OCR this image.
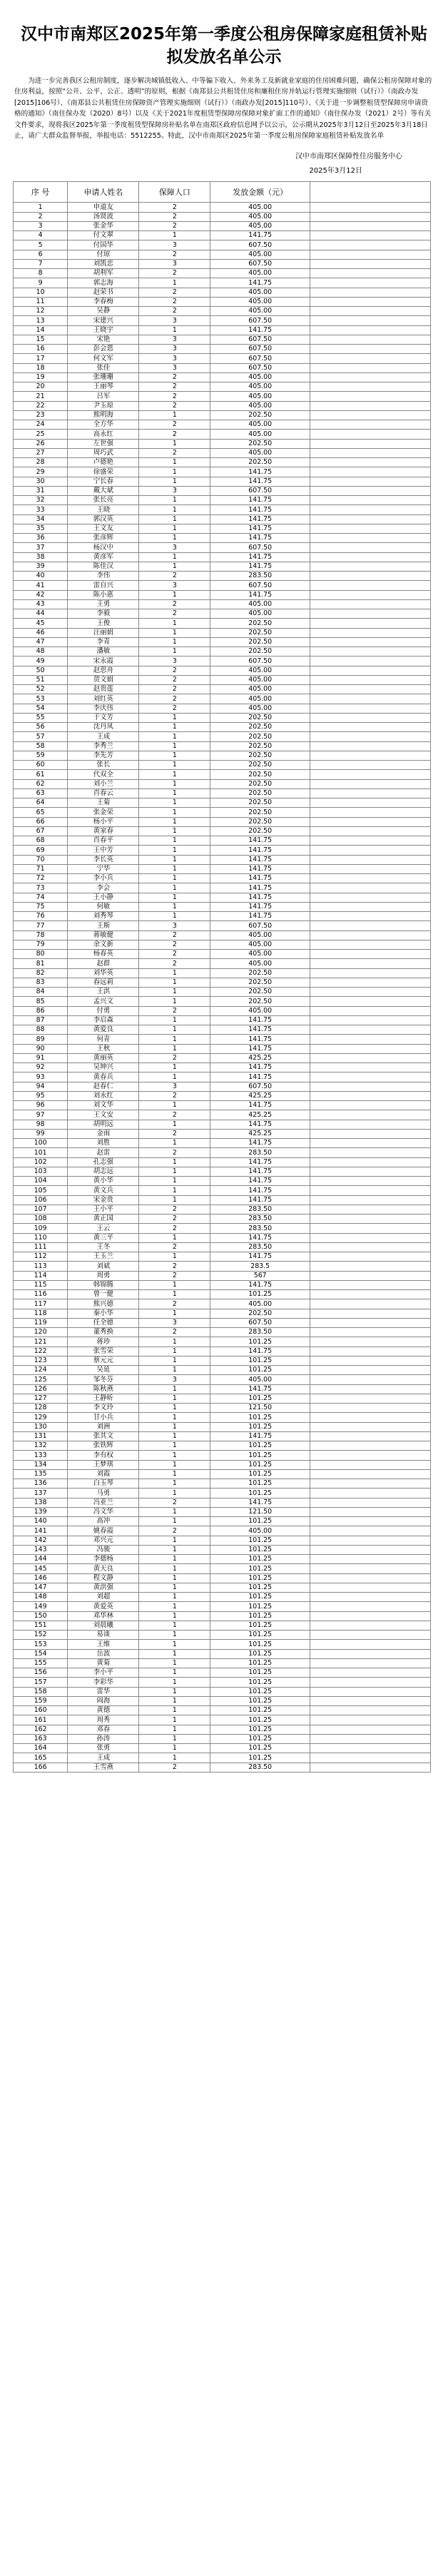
汉中市南郑区2025年第一季度公租房保障家庭租赁补贴拟发放名单公示
为进一步完善我区公租房制度，逐步解决城镇低收入、中等偏下收入、外来务工及新就业家庭的住房困难问题，确保公租房保障对象的住房利益，按照“公开、公平、公正、透明”的原则，根据《南郑县公共租赁住房和廉租住房并轨运行管理实施细则（试行）》（南政办发[2015]106号）、《南郑县公共租赁住房保障资产管理实施细则（试行）》（南政办发[2015]110号）、《关于进一步调整租赁型保障房申请资格的通知》（南住保办发（2020）8号）以及《关于2021年度租赁型保障房保障对象扩面工作的通知》（南住保办发（2021）2号）等有关文件要求，现将我区2025年第一季度租赁型保障房补贴名单在南郑区政府信息网予以公示，公示期从2025年3月12日至2025年3月18日止，请广大群众监督举报，举报电话：5512255。特此，汉中市南郑区2025年第一季度公租房保障家庭租赁补贴发放名单
汉中市南郑区保障性住房服务中心
2025年3月12日
序 号	申请人姓名	保障人口	发放金额（元）	
1	申道友	2	405.00	
2	汤贤波	2	405.00	
3	张金华	2	405.00	
4	付文翠	1	141.75	
5	付国华	3	607.50	
6	付琼	2	405.00	
7	刘凯忠	3	607.50	
8	胡利军	2	405.00	
9	郭志海	1	141.75	
10	赵荣书	2	405.00	
11	李春梅	2	405.00	
12	吴静	2	405.00	
13	宋建兴	3	607.50	
14	王晓宇	1	141.75	
15	宋艳	3	607.50	
16	彭会恩	3	607.50	
17	何文军	3	607.50	
18	张佳	3	607.50	
19	张珊珊	2	405.00	
20	王丽琴	2	405.00	
21	吕军	2	405.00	
22	尹玉琼	2	405.00	
23	熊明海	1	202.50	
24	全方华	2	405.00	
25	高永红	2	405.00	
26	左世强	1	202.50	
27	周巧武	2	405.00	
28	卢德艳	1	202.50	
29	徐盛荣	1	141.75	
30	宁长春	1	141.75	
31	戴大斌	3	607.50	
32	张长亮	1	141.75	
33	王晓	1	141.75	
34	郭汉英	1	141.75	
35	王文友	1	141.75	
36	张彦辉	1	141.75	
37	杨汉中	3	607.50	
38	黄彦军	1	141.75	
39	陈佳汉	1	141.75	
40	李伟	2	283.50	
41	雷自兴	3	607.50	
42	陈小惠	1	141.75	
43	王勇	2	405.00	
44	李毅	2	405.00	
45	王俊	1	202.50	
46	汪丽娟	1	202.50	
47	李青	1	202.50	
48	潘敏	1	202.50	
49	宋永霞	3	607.50	
50	赵思舟	2	405.00	
51	贺文娟	2	405.00	
52	赵贵莲	2	405.00	
53	刘红英	2	405.00	
54	李庆伟	2	405.00	
55	于文芳	1	202.50	
56	沈丹凤	1	202.50	
57	王成	1	202.50	
58	李秀兰	1	202.50	
59	李先芳	1	202.50	
60	张长	1	202.50	
61	代双全	1	202.50	
62	刘小兰	1	202.50	
63	肖春云	1	202.50	
64	王菊	1	202.50	
65	张金荣	1	202.50	
66	杨小平	1	202.50	
67	黄家春	1	202.50	
68	肖春平	1	141.75	
69	王中芳	1	141.75	
70	李长英	1	141.75	
71	宁华	1	141.75	
72	李小兵	1	141.75	
73	李会	1	141.75	
74	王小静	1	141.75	
75	何敏	1	141.75	
76	刘秀琴	1	141.75	
77	王斯	3	607.50	
78	蒋敏健	2	405.00	
79	余文新	2	405.00	
80	杨春英	2	405.00	
81	赵群	2	405.00	
82	刘华英	1	202.50	
83	春远莉	1	202.50	
84	王洪	1	202.50	
85	孟兴文	1	202.50	
86	付勇	2	405.00	
87	李启森	1	141.75	
88	黄爱良	1	141.75	
89	何青	1	141.75	
90	王秋	1	141.75	
91	黄丽英	2	425.25	
92	吴坤兴	1	141.75	
93	黄春兵	1	141.75	
94	赵春仁	3	607.50	
95	刘永红	2	425.25	
96	刘文华	1	141.75	
97	王文安	2	425.25	
98	胡明远	1	141.75	
99	金雨	2	425.25	
100	刘胜	1	141.75	
101	赵雷	2	283.50	
102	孔志强	1	141.75	
103	胡志远	1	141.75	
104	黄小华	1	141.75	
105	黄文兵	1	141.75	
106	宋金贵	1	141.75	
107	王小平	2	283.50	
108	黄正国	2	283.50	
109	王云	2	283.50	
110	黄三平	1	141.75	
111	王冬	2	283.50	
112	王玉兰	1	141.75	
113	刘斌	2	283.5	
114	周勇	2	567	
115	韩锦腾	1	141.75	
116	曾一健	1	101.25	
117	熊兴德	2	405.00	
118	秦小华	1	202.50	
119	任全德	3	607.50	
120	董秀换	2	283.50	
121	蒋珍	1	101.25	
122	张雪荣	1	141.75	
123	蔡元元	1	101.25	
124	吴延	1	101.25	
125	邹冬芬	3	405.00	
126	陈秋燕	1	141.75	
127	王静昕	1	101.25	
128	李文玲	1	121.50	
129	甘小兵	1	101.25	
130	刘洲	1	101.25	
131	张其文	1	141.75	
132	张铁辉	1	101.25	
133	李有权	1	101.25	
134	王梦琪	1	101.25	
135	刘霞	1	101.25	
136	白玉琴	1	101.25	
137	马勇	1	101.25	
138	冯亚兰	2	141.75	
139	冯文华	1	121.50	
140	高冲	1	101.25	
141	姚春霞	2	405.00	
142	邓兴元	1	101.25	
143	冯骏	1	101.25	
144	李德杨	1	101.25	
145	黄天良	1	101.25	
146	程文静	1	101.25	
147	黄洪强	1	101.25	
148	刘超	1	101.25	
149	黄爱英	1	101.25	
150	邓华林	1	101.25	
151	刘晨曦	1	101.25	
152	易谈	1	101.25	
153	王维	1	101.25	
154	岳波	1	101.25	
155	黄菊	1	101.25	
156	李小平	1	101.25	
157	李彩华	1	101.25	
158	雷华	1	101.25	
159	阎海	1	101.25	
160	黄德	1	101.25	
161	周秀	1	101.25	
162	邓春	1	101.25	
163	孙涛	1	101.25	
164	张勇	1	101.25	
165	王成	1	101.25	
166	王雪燕	2	283.50	
